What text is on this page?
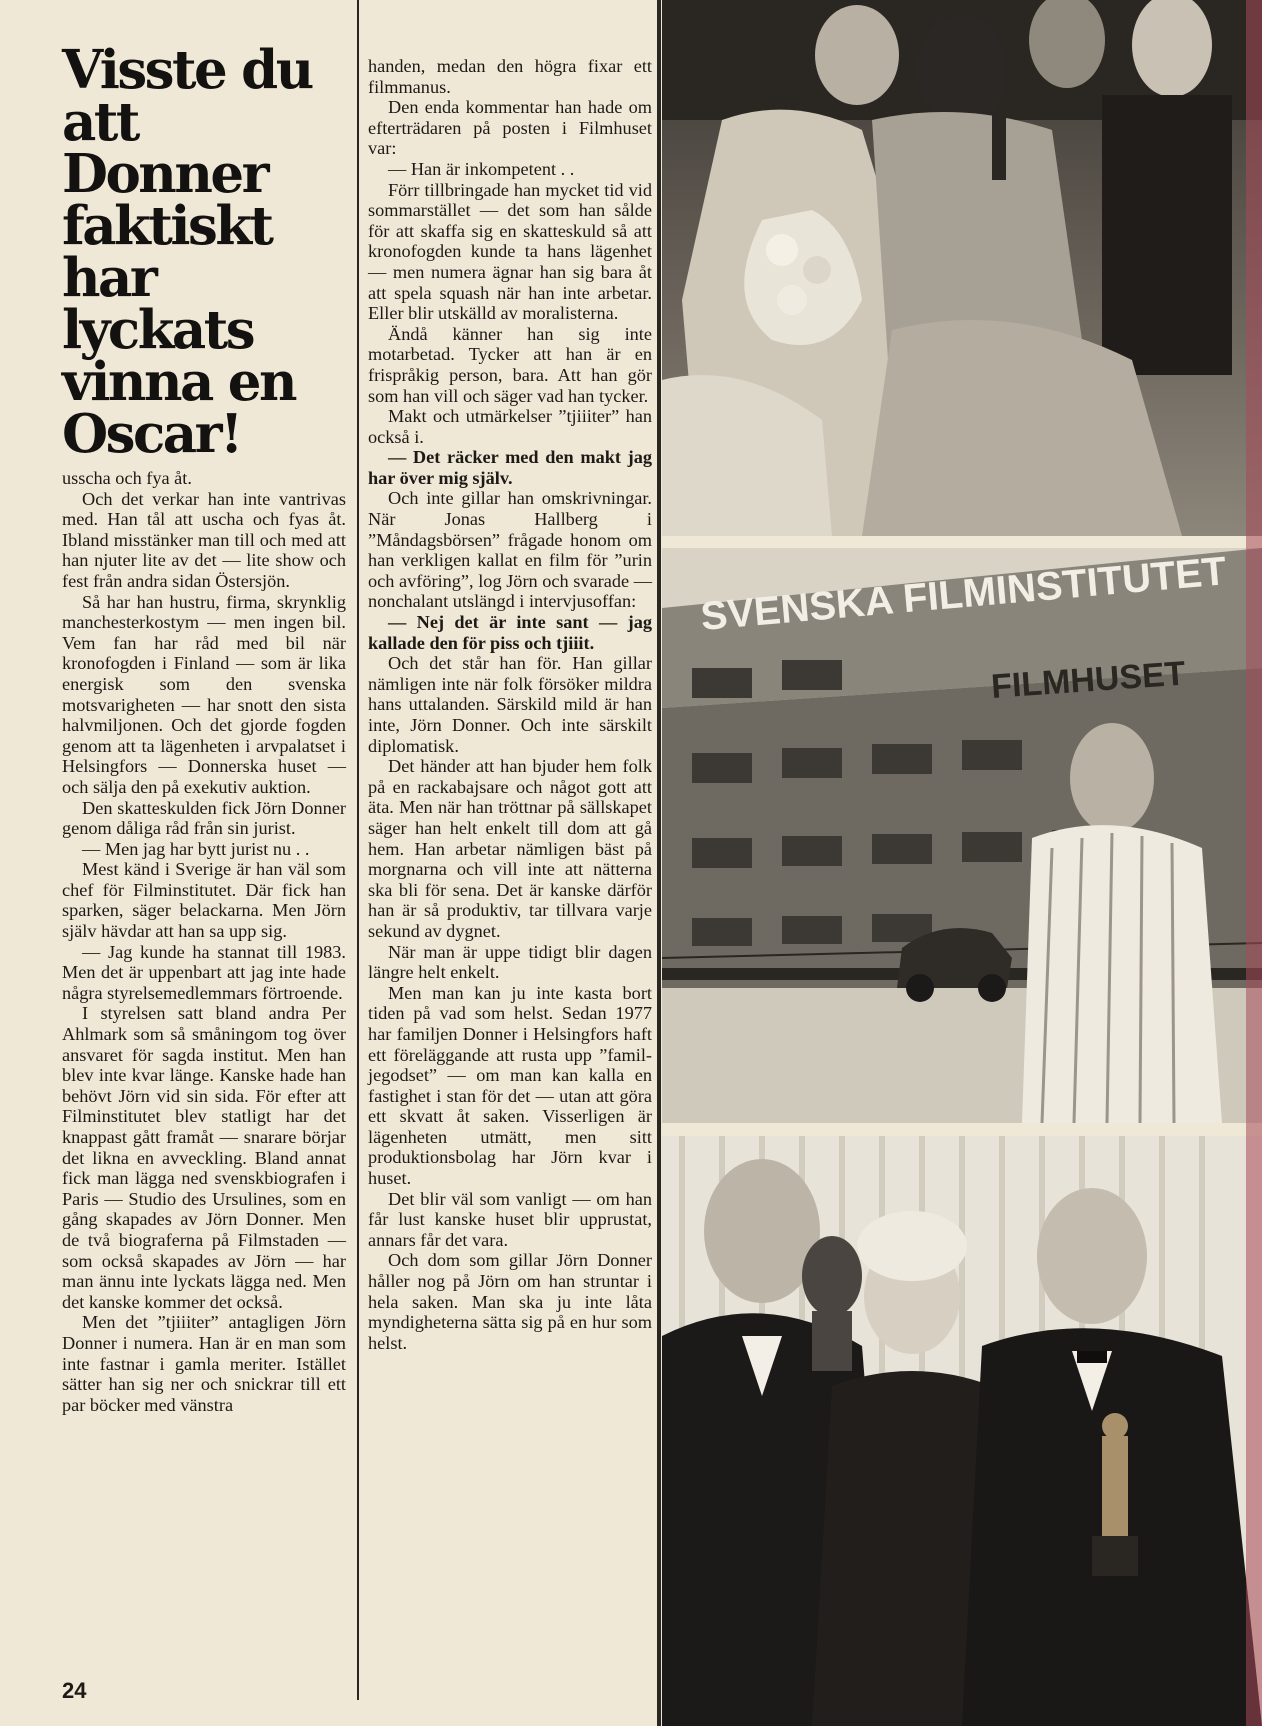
Visste du att Donner faktiskt har lyckats vinna en Oscar!

usscha och fya åt.

Och det verkar han inte vantrivas med. Han tål att uscha och fyas åt. Ibland misstänker man till och med att han njuter lite av det — lite show och fest från andra sidan Östersjön.

Så har han hustru, firma, skrynklig manchesterkostym — men ingen bil. Vem fan har råd med bil när kronofogden i Finland — som är lika energisk som den svenska motsvarigheten — har snott den sista halvmiljonen. Och det gjorde fogden genom att ta lägenheten i arvpalatset i Helsingfors — Donnerska huset — och sälja den på exekutiv auktion.

Den skatteskulden fick Jörn Donner genom dåliga råd från sin jurist.

— Men jag har bytt jurist nu . .

Mest känd i Sverige är han väl som chef för Filminstitutet. Där fick han sparken, säger belackarna. Men Jörn själv hävdar att han sa upp sig.

— Jag kunde ha stannat till 1983. Men det är uppenbart att jag inte hade några styrelsemedlemmars förtroende.

I styrelsen satt bland andra Per Ahlmark som så småningom tog över ansvaret för sagda institut. Men han blev inte kvar länge. Kanske hade han behövt Jörn vid sin sida. För efter att Filminstitutet blev statligt har det knappast gått framåt — snarare börjar det likna en avveckling. Bland annat fick man lägga ned svenskbiografen i Paris — Studio des Ursulines, som en gång skapades av Jörn Donner. Men de två biograferna på Filmstaden — som också skapades av Jörn — har man ännu inte lyckats lägga ned. Men det kanske kommer det också.

Men det ”tjiiiter” antagligen Jörn Donner i numera. Han är en man som inte fastnar i gamla meriter. Istället sätter han sig ner och snickrar till ett par böcker med vänstra

handen, medan den högra fixar ett filmmanus.

Den enda kommentar han hade om efterträdaren på posten i Filmhuset var:

— Han är inkompetent . .

Förr tillbringade han mycket tid vid sommarstället — det som han sålde för att skaffa sig en skatteskuld så att kronofogden kunde ta hans lägenhet — men numera ägnar han sig bara åt att spela squash när han inte arbetar. Eller blir utskälld av moralisterna.

Ändå känner han sig inte motarbetad. Tycker att han är en frispråkig person, bara. Att han gör som han vill och säger vad han tycker.

Makt och utmärkelser ”tjiiiter” han också i.

— Det räcker med den makt jag har över mig själv.

Och inte gillar han omskrivningar. När Jonas Hallberg i ”Måndagsbörsen” frågade honom om han verkligen kallat en film för ”urin och avföring”, log Jörn och svarade — nonchalant utslängd i intervjusoffan:

— Nej det är inte sant — jag kallade den för piss och tjiiit.

Och det står han för. Han gillar nämligen inte när folk försöker mildra hans uttalanden. Särskild mild är han inte, Jörn Donner. Och inte särskilt diplomatisk.

Det händer att han bjuder hem folk på en rackabajsare och något gott att äta. Men när han tröttnar på sällskapet säger han helt enkelt till dom att gå hem. Han arbetar nämligen bäst på morgnarna och vill inte att nätterna ska bli för sena. Det är kanske därför han är så produktiv, tar tillvara varje sekund av dygnet.

När man är uppe tidigt blir dagen längre helt enkelt.

Men man kan ju inte kasta bort tiden på vad som helst. Sedan 1977 har familjen Donner i Helsingfors haft ett föreläggande att rusta upp ”familjegodset” — om man kan kalla en fastighet i stan för det — utan att göra ett skvatt åt saken. Visserligen är lägenheten utmätt, men sitt produktionsbolag har Jörn kvar i huset.

Det blir väl som vanligt — om han får lust kanske huset blir upprustat, annars får det vara.

Och dom som gillar Jörn Donner håller nog på Jörn om han struntar i hela saken. Man ska ju inte låta myndigheterna sätta sig på en hur som helst.

24
SVENSKA FILMINSTITUTET
FILMHUSET
